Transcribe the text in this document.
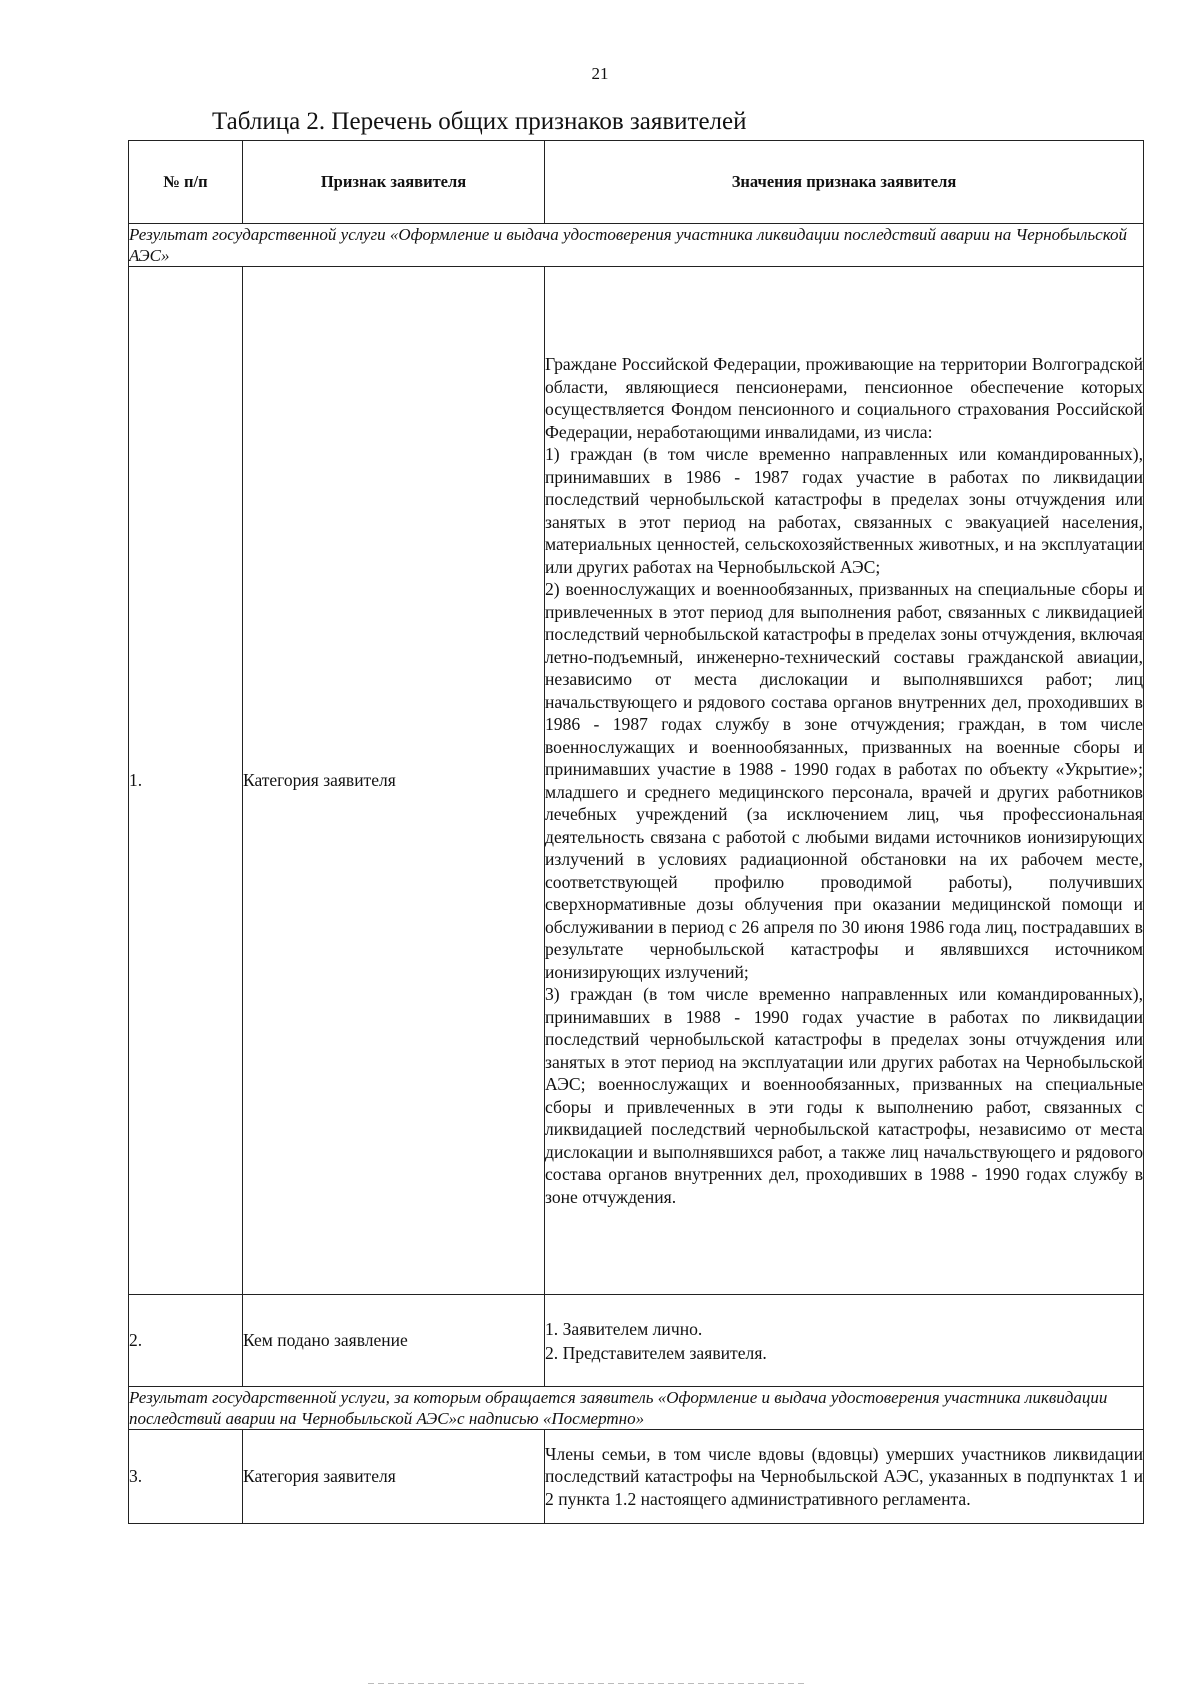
21
Таблица 2. Перечень общих признаков заявителей
№ п/п	Признак заявителя	Значения признака заявителя
Результат государственной услуги «Оформление и выдача удостоверения участника ликвидации последствий аварии на Чернобыльской АЭС»		
1.	Категория заявителя	Граждане Российской Федерации, проживающие на территории Волгоградской области, являющиеся пенсионерами, пенсионное обеспечение которых осуществляется Фондом пенсионного и социального страхования Российской Федерации, неработающими инвалидами, из числа:

1) граждан (в том числе временно направленных или командированных), принимавших в 1986 - 1987 годах участие в работах по ликвидации последствий чернобыльской катастрофы в пределах зоны отчуждения или занятых в этот период на работах, связанных с эвакуацией населения, материальных ценностей, сельскохозяйственных животных, и на эксплуатации или других работах на Чернобыльской АЭС;

2) военнослужащих и военнообязанных, призванных на специальные сборы и привлеченных в этот период для выполнения работ, связанных с ликвидацией последствий чернобыльской катастрофы в пределах зоны отчуждения, включая летно-подъемный, инженерно-технический составы гражданской авиации, независимо от места дислокации и выполнявшихся работ; лиц начальствующего и рядового состава органов внутренних дел, проходивших в 1986 - 1987 годах службу в зоне отчуждения; граждан, в том числе военнослужащих и военнообязанных, призванных на военные сборы и принимавших участие в 1988 - 1990 годах в работах по объекту «Укрытие»; младшего и среднего медицинского персонала, врачей и других работников лечебных учреждений (за исключением лиц, чья профессиональная деятельность связана с работой с любыми видами источников ионизирующих излучений в условиях радиационной обстановки на их рабочем месте, соответствующей профилю проводимой работы), получивших сверхнормативные дозы облучения при оказании медицинской помощи и обслуживании в период с 26 апреля по 30 июня 1986 года лиц, пострадавших в результате чернобыльской катастрофы и являвшихся источником ионизирующих излучений;

3) граждан (в том числе временно направленных или командированных), принимавших в 1988 - 1990 годах участие в работах по ликвидации последствий чернобыльской катастрофы в пределах зоны отчуждения или занятых в этот период на эксплуатации или других работах на Чернобыльской АЭС; военнослужащих и военнообязанных, призванных на специальные сборы и привлеченных в эти годы к выполнению работ, связанных с ликвидацией последствий чернобыльской катастрофы, независимо от места дислокации и выполнявшихся работ, а также лиц начальствующего и рядового состава органов внутренних дел, проходивших в 1988 - 1990 годах службу в зоне отчуждения.

2.	Кем подано заявление	1. Заявителем лично.

2. Представителем заявителя.

Результат государственной услуги, за которым обращается заявитель «Оформление и выдача удостоверения участника ликвидации последствий аварии на Чернобыльской АЭС»с надписью «Посмертно»		
3.	Категория заявителя	Члены семьи, в том числе вдовы (вдовцы) умерших участников ликвидации последствий катастрофы на Чернобыльской АЭС, указанных в подпунктах 1 и 2 пункта 1.2 настоящего административного регламента.
